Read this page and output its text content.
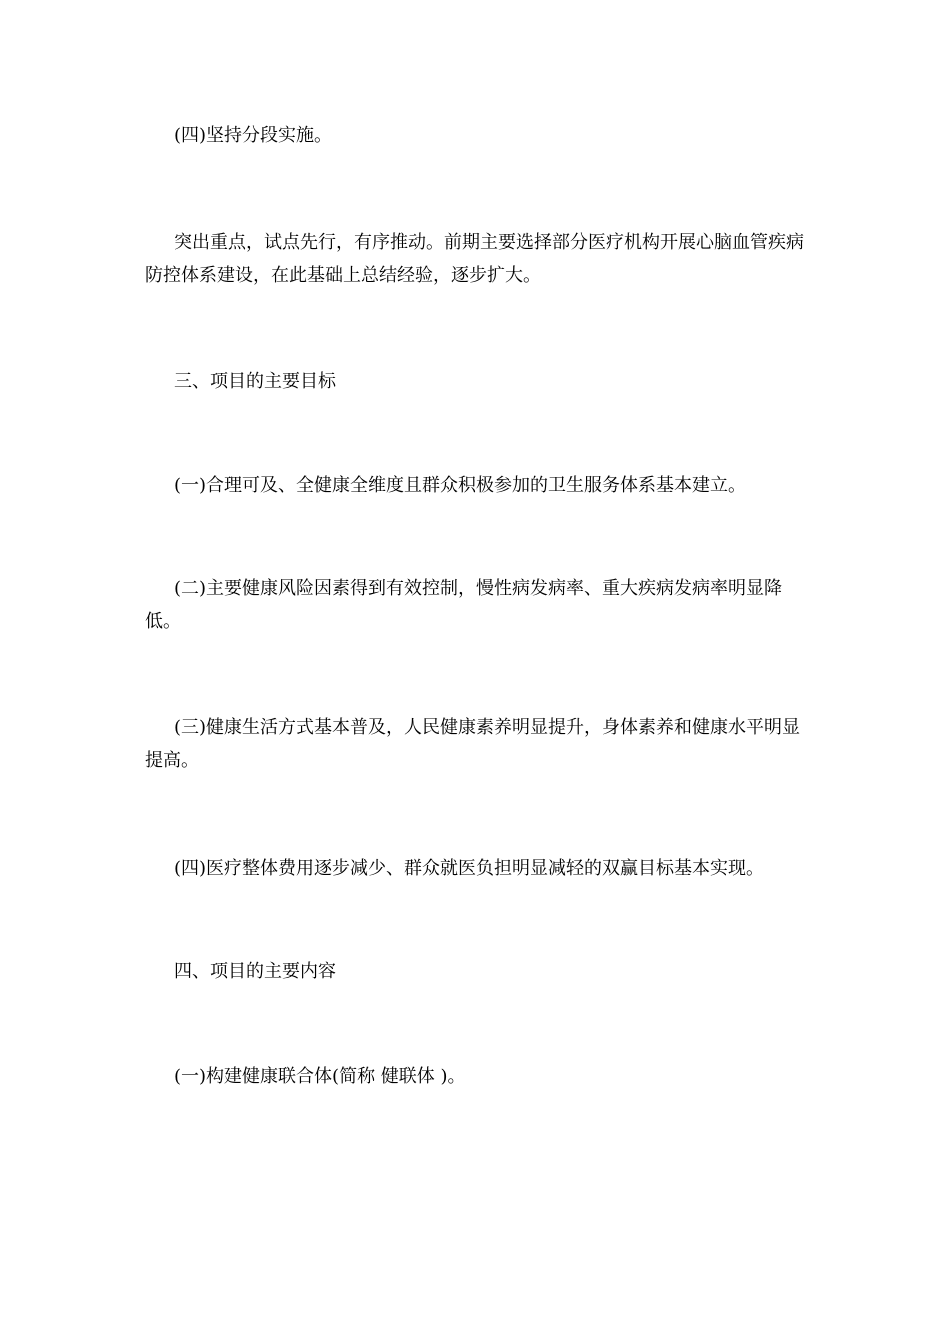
(四)坚持分段实施。

突出重点，试点先行，有序推动。前期主要选择部分医疗机构开展心脑血管疾病防控体系建设，在此基础上总结经验，逐步扩大。

三、项目的主要目标

(一)合理可及、全健康全维度且群众积极参加的卫生服务体系基本建立。

(二)主要健康风险因素得到有效控制，慢性病发病率、重大疾病发病率明显降低。

(三)健康生活方式基本普及，人民健康素养明显提升，身体素养和健康水平明显提高。

(四)医疗整体费用逐步减少、群众就医负担明显减轻的双赢目标基本实现。

四、项目的主要内容

(一)构建健康联合体(简称 健联体 )。
